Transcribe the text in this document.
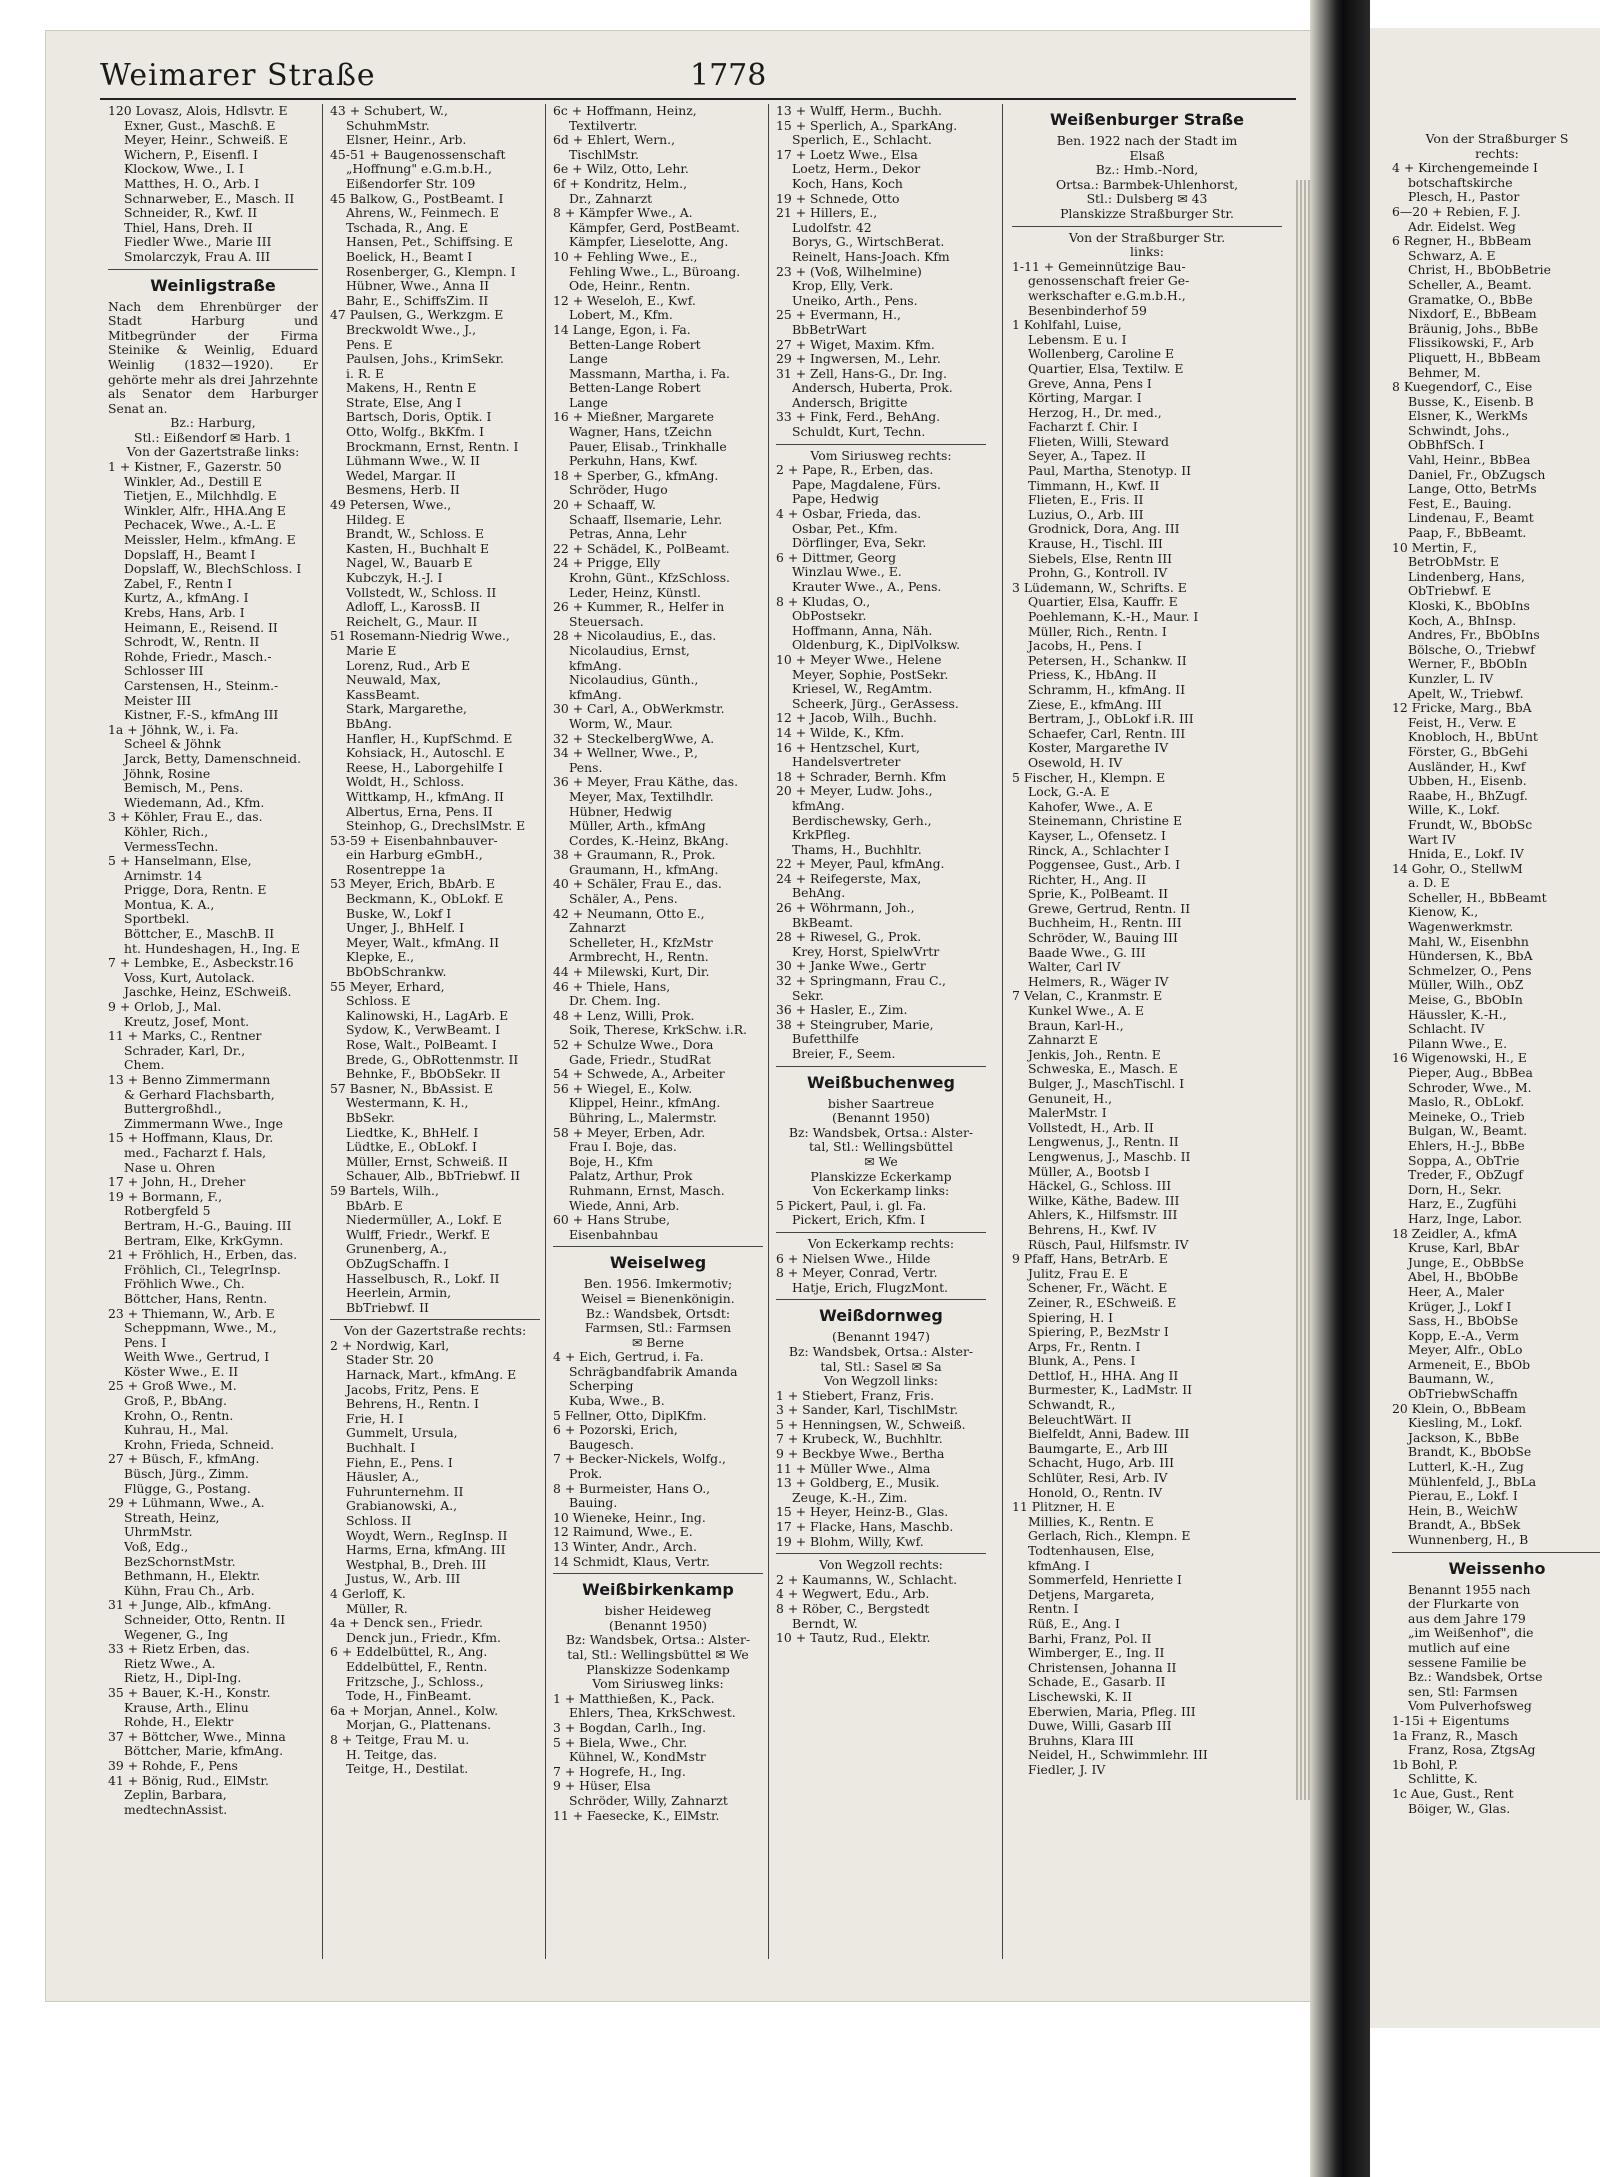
Von der Straßburger S
rechts:
4 + Kirchengemeinde I
botschaftskirche
Plesch, H., Pastor
6—20 + Rebien, F. J.
Adr. Eidelst. Weg
6 Regner, H., BbBeam
Schwarz, A. E
Christ, H., BbObBetrie
Scheller, A., Beamt.
Gramatke, O., BbBe
Nixdorf, E., BbBeam
Bräunig, Johs., BbBe
Flissikowski, F., Arb
Pliquett, H., BbBeam
Behmer, M.
8 Kuegendorf, C., Eise
Busse, K., Eisenb. B
Elsner, K., WerkMs
Schwindt, Johs.,
ObBhfSch. I
Vahl, Heinr., BbBea
Daniel, Fr., ObZugsch
Lange, Otto, BetrMs
Fest, E., Bauing.
Lindenau, F., Beamt
Paap, F., BbBeamt.
10 Mertin, F.,
BetrObMstr. E
Lindenberg, Hans,
ObTriebwf. E
Kloski, K., BbObIns
Koch, A., BhInsp.
Andres, Fr., BbObIns
Bölsche, O., Triebwf
Werner, F., BbObIn
Kunzler, L. IV
Apelt, W., Triebwf.
12 Fricke, Marg., BbA
Feist, H., Verw. E
Knobloch, H., BbUnt
Förster, G., BbGehi
Ausländer, H., Kwf
Ubben, H., Eisenb.
Raabe, H., BhZugf.
Wille, K., Lokf.
Frundt, W., BbObSc
Wart IV
Hnida, E., Lokf. IV
14 Gohr, O., StellwM
a. D. E
Scheller, H., BbBeamt
Kienow, K.,
Wagenwerkmstr.
Mahl, W., Eisenbhn
Hündersen, K., BbA
Schmelzer, O., Pens
Müller, Wilh., ObZ
Meise, G., BbObIn
Häussler, K.-H.,
Schlacht. IV
Pilann Wwe., E.
16 Wigenowski, H., E
Pieper, Aug., BbBea
Schroder, Wwe., M.
Maslo, R., ObLokf.
Meineke, O., Trieb
Bulgan, W., Beamt.
Ehlers, H.-J., BbBe
Soppa, A., ObTrie
Treder, F., ObZugf
Dorn, H., Sekr.
Harz, E., Zugfühi
Harz, Inge, Labor.
18 Zeidler, A., kfmA
Kruse, Karl, BbAr
Junge, E., ObBbSe
Abel, H., BbObBe
Heer, A., Maler
Krüger, J., Lokf I
Sass, H., BbObSe
Kopp, E.-A., Verm
Meyer, Alfr., ObLo
Armeneit, E., BbOb
Baumann, W.,
ObTriebwSchaffn
20 Klein, O., BbBeam
Kiesling, M., Lokf.
Jackson, K., BbBe
Brandt, K., BbObSe
Lutterl, K.-H., Zug
Mühlenfeld, J., BbLa
Pierau, E., Lokf. I
Hein, B., WeichW
Brandt, A., BbSek
Wunnenberg, H., B
Weissenho
Benannt 1955 nach
der Flurkarte von
aus dem Jahre 179
„im Weißenhof", die
mutlich auf eine
sessene Familie be
Bz.: Wandsbek, Ortse
sen, Stl: Farmsen
Vom Pulverhofsweg
1-15i + Eigentums
1a Franz, R., Masch
Franz, Rosa, ZtgsAg
1b Bohl, P.
Schlitte, K.
1c Aue, Gust., Rent
Böiger, W., Glas.
Weimarer Straße	1778
120 Lovasz, Alois, Hdlsvtr. E
Exner, Gust., Maschß. E
Meyer, Heinr., Schweiß. E
Wichern, P., Eisenfl. I
Klockow, Wwe., I. I
Matthes, H. O., Arb. I
Schnarweber, E., Masch. II
Schneider, R., Kwf. II
Thiel, Hans, Dreh. II
Fiedler Wwe., Marie III
Smolarczyk, Frau A. III
Weinligstraße
Nach dem Ehrenbürger der Stadt Harburg und Mitbegründer der Firma Steinike & Weinlig, Eduard Weinlig (1832—1920). Er gehörte mehr als drei Jahrzehnte als Senator dem Harburger Senat an.
Bz.: Harburg,
Stl.: Eißendorf ✉ Harb. 1
Von der Gazertstraße links:
1 + Kistner, F., Gazerstr. 50
Winkler, Ad., Destill E
Tietjen, E., Milchhdlg. E
Winkler, Alfr., HHA.Ang E
Pechacek, Wwe., A.-L. E
Meissler, Helm., kfmAng. E
Dopslaff, H., Beamt I
Dopslaff, W., BlechSchloss. I
Zabel, F., Rentn I
Kurtz, A., kfmAng. I
Krebs, Hans, Arb. I
Heimann, E., Reisend. II
Schrodt, W., Rentn. II
Rohde, Friedr., Masch.-
Schlosser III
Carstensen, H., Steinm.-
Meister III
Kistner, F.-S., kfmAng III
1a + Jöhnk, W., i. Fa.
Scheel & Jöhnk
Jarck, Betty, Damenschneid.
Jöhnk, Rosine
Bemisch, M., Pens.
Wiedemann, Ad., Kfm.
3 + Köhler, Frau E., das.
Köhler, Rich.,
VermessTechn.
5 + Hanselmann, Else,
Arnimstr. 14
Prigge, Dora, Rentn. E
Montua, K. A.,
Sportbekl.
Böttcher, E., MaschB. II
ht. Hundeshagen, H., Ing. E
7 + Lembke, E., Asbeckstr.16
Voss, Kurt, Autolack.
Jaschke, Heinz, ESchweiß.
9 + Orlob, J., Mal.
Kreutz, Josef, Mont.
11 + Marks, C., Rentner
Schrader, Karl, Dr.,
Chem.
13 + Benno Zimmermann
& Gerhard Flachsbarth,
Buttergroßhdl.,
Zimmermann Wwe., Inge
15 + Hoffmann, Klaus, Dr.
med., Facharzt f. Hals,
Nase u. Ohren
17 + John, H., Dreher
19 + Bormann, F.,
Rotbergfeld 5
Bertram, H.-G., Bauing. III
Bertram, Elke, KrkGymn.
21 + Fröhlich, H., Erben, das.
Fröhlich, Cl., TelegrInsp.
Fröhlich Wwe., Ch.
Böttcher, Hans, Rentn.
23 + Thiemann, W., Arb. E
Scheppmann, Wwe., M.,
Pens. I
Weith Wwe., Gertrud, I
Köster Wwe., E. II
25 + Groß Wwe., M.
Groß, P., BbAng.
Krohn, O., Rentn.
Kuhrau, H., Mal.
Krohn, Frieda, Schneid.
27 + Büsch, F., kfmAng.
Büsch, Jürg., Zimm.
Flügge, G., Postang.
29 + Lühmann, Wwe., A.
Streath, Heinz,
UhrmMstr.
Voß, Edg.,
BezSchornstMstr.
Bethmann, H., Elektr.
Kühn, Frau Ch., Arb.
31 + Junge, Alb., kfmAng.
Schneider, Otto, Rentn. II
Wegener, G., Ing
33 + Rietz Erben, das.
Rietz Wwe., A.
Rietz, H., Dipl-Ing.
35 + Bauer, K.-H., Konstr.
Krause, Arth., Elinu
Rohde, H., Elektr
37 + Böttcher, Wwe., Minna
Böttcher, Marie, kfmAng.
39 + Rohde, F., Pens
41 + Bönig, Rud., ElMstr.
Zeplin, Barbara,
medtechnAssist.
43 + Schubert, W.,
SchuhmMstr.
Elsner, Heinr., Arb.
45-51 + Baugenossenschaft
„Hoffnung" e.G.m.b.H.,
Eißendorfer Str. 109
45 Balkow, G., PostBeamt. I
Ahrens, W., Feinmech. E
Tschada, R., Ang. E
Hansen, Pet., Schiffsing. E
Boelick, H., Beamt I
Rosenberger, G., Klempn. I
Hübner, Wwe., Anna II
Bahr, E., SchiffsZim. II
47 Paulsen, G., Werkzgm. E
Breckwoldt Wwe., J.,
Pens. E
Paulsen, Johs., KrimSekr.
i. R. E
Makens, H., Rentn E
Strate, Else, Ang I
Bartsch, Doris, Optik. I
Otto, Wolfg., BkKfm. I
Brockmann, Ernst, Rentn. I
Lühmann Wwe., W. II
Wedel, Margar. II
Besmens, Herb. II
49 Petersen, Wwe.,
Hildeg. E
Brandt, W., Schloss. E
Kasten, H., Buchhalt E
Nagel, W., Bauarb E
Kubczyk, H.-J. I
Vollstedt, W., Schloss. II
Adloff, L., KarossB. II
Reichelt, G., Maur. II
51 Rosemann-Niedrig Wwe.,
Marie E
Lorenz, Rud., Arb E
Neuwald, Max,
KassBeamt.
Stark, Margarethe,
BbAng.
Hanfler, H., KupfSchmd. E
Kohsiack, H., Autoschl. E
Reese, H., Laborgehilfe I
Woldt, H., Schloss.
Wittkamp, H., kfmAng. II
Albertus, Erna, Pens. II
Steinhop, G., DrechslMstr. E
53-59 + Eisenbahnbauver-
ein Harburg eGmbH.,
Rosentreppe 1a
53 Meyer, Erich, BbArb. E
Beckmann, K., ObLokf. E
Buske, W., Lokf I
Unger, J., BhHelf. I
Meyer, Walt., kfmAng. II
Klepke, E.,
BbObSchrankw.
55 Meyer, Erhard,
Schloss. E
Kalinowski, H., LagArb. E
Sydow, K., VerwBeamt. I
Rose, Walt., PolBeamt. I
Brede, G., ObRottenmstr. II
Behnke, F., BbObSekr. II
57 Basner, N., BbAssist. E
Westermann, K. H.,
BbSekr.
Liedtke, K., BhHelf. I
Lüdtke, E., ObLokf. I
Müller, Ernst, Schweiß. II
Schauer, Alb., BbTriebwf. II
59 Bartels, Wilh.,
BbArb. E
Niedermüller, A., Lokf. E
Wulff, Friedr., Werkf. E
Grunenberg, A.,
ObZugSchaffn. I
Hasselbusch, R., Lokf. II
Heerlein, Armin,
BbTriebwf. II
Von der Gazertstraße rechts:
2 + Nordwig, Karl,
Stader Str. 20
Harnack, Mart., kfmAng. E
Jacobs, Fritz, Pens. E
Behrens, H., Rentn. I
Frie, H. I
Gummelt, Ursula,
Buchhalt. I
Fiehn, E., Pens. I
Häusler, A.,
Fuhrunternehm. II
Grabianowski, A.,
Schloss. II
Woydt, Wern., RegInsp. II
Harms, Erna, kfmAng. III
Westphal, B., Dreh. III
Justus, W., Arb. III
4 Gerloff, K.
Müller, R.
4a + Denck sen., Friedr.
Denck jun., Friedr., Kfm.
6 + Eddelbüttel, R., Ang.
Eddelbüttel, F., Rentn.
Fritzsche, J., Schloss.,
Tode, H., FinBeamt.
6a + Morjan, Annel., Kolw.
Morjan, G., Plattenans.
8 + Teitge, Frau M. u.
H. Teitge, das.
Teitge, H., Destilat.
6c + Hoffmann, Heinz,
Textilvertr.
6d + Ehlert, Wern.,
TischlMstr.
6e + Wilz, Otto, Lehr.
6f + Kondritz, Helm.,
Dr., Zahnarzt
8 + Kämpfer Wwe., A.
Kämpfer, Gerd, PostBeamt.
Kämpfer, Lieselotte, Ang.
10 + Fehling Wwe., E.,
Fehling Wwe., L., Büroang.
Ode, Heinr., Rentn.
12 + Weseloh, E., Kwf.
Lobert, M., Kfm.
14 Lange, Egon, i. Fa.
Betten-Lange Robert
Lange
Massmann, Martha, i. Fa.
Betten-Lange Robert
Lange
16 + Mießner, Margarete
Wagner, Hans, tZeichn
Pauer, Elisab., Trinkhalle
Perkuhn, Hans, Kwf.
18 + Sperber, G., kfmAng.
Schröder, Hugo
20 + Schaaff, W.
Schaaff, Ilsemarie, Lehr.
Petras, Anna, Lehr
22 + Schädel, K., PolBeamt.
24 + Prigge, Elly
Krohn, Günt., KfzSchloss.
Leder, Heinz, Künstl.
26 + Kummer, R., Helfer in
Steuersach.
28 + Nicolaudius, E., das.
Nicolaudius, Ernst,
kfmAng.
Nicolaudius, Günth.,
kfmAng.
30 + Carl, A., ObWerkmstr.
Worm, W., Maur.
32 + SteckelbergWwe, A.
34 + Wellner, Wwe., P.,
Pens.
36 + Meyer, Frau Käthe, das.
Meyer, Max, Textilhdlr.
Hübner, Hedwig
Müller, Arth., kfmAng
Cordes, K.-Heinz, BkAng.
38 + Graumann, R., Prok.
Graumann, H., kfmAng.
40 + Schäler, Frau E., das.
Schäler, A., Pens.
42 + Neumann, Otto E.,
Zahnarzt
Schelleter, H., KfzMstr
Armbrecht, H., Rentn.
44 + Milewski, Kurt, Dir.
46 + Thiele, Hans,
Dr. Chem. Ing.
48 + Lenz, Willi, Prok.
Soik, Therese, KrkSchw. i.R.
52 + Schulze Wwe., Dora
Gade, Friedr., StudRat
54 + Schwede, A., Arbeiter
56 + Wiegel, E., Kolw.
Klippel, Heinr., kfmAng.
Bühring, L., Malermstr.
58 + Meyer, Erben, Adr.
Frau I. Boje, das.
Boje, H., Kfm
Palatz, Arthur, Prok
Ruhmann, Ernst, Masch.
Wiede, Anni, Arb.
60 + Hans Strube,
Eisenbahnbau
Weiselweg
Ben. 1956. Imkermotiv;
Weisel = Bienenkönigin.
Bz.: Wandsbek, Ortsdt:
Farmsen, Stl.: Farmsen
✉ Berne
4 + Eich, Gertrud, i. Fa.
Schrägbandfabrik Amanda
Scherping
Kuba, Wwe., B.
5 Fellner, Otto, DiplKfm.
6 + Pozorski, Erich,
Baugesch.
7 + Becker-Nickels, Wolfg.,
Prok.
8 + Burmeister, Hans O.,
Bauing.
10 Wieneke, Heinr., Ing.
12 Raimund, Wwe., E.
13 Winter, Andr., Arch.
14 Schmidt, Klaus, Vertr.
Weißbirkenkamp
bisher Heideweg
(Benannt 1950)
Bz: Wandsbek, Ortsa.: Alster-
tal, Stl.: Wellingsbüttel ✉ We
Planskizze Sodenkamp
Vom Siriusweg links:
1 + Matthießen, K., Pack.
Ehlers, Thea, KrkSchwest.
3 + Bogdan, Carlh., Ing.
5 + Biela, Wwe., Chr.
Kühnel, W., KondMstr
7 + Hogrefe, H., Ing.
9 + Hüser, Elsa
Schröder, Willy, Zahnarzt
11 + Faesecke, K., ElMstr.
13 + Wulff, Herm., Buchh.
15 + Sperlich, A., SparkAng.
Sperlich, E., Schlacht.
17 + Loetz Wwe., Elsa
Loetz, Herm., Dekor
Koch, Hans, Koch
19 + Schnede, Otto
21 + Hillers, E.,
Ludolfstr. 42
Borys, G., WirtschBerat.
Reinelt, Hans-Joach. Kfm
23 + (Voß, Wilhelmine)
Krop, Elly, Verk.
Uneiko, Arth., Pens.
25 + Evermann, H.,
BbBetrWart
27 + Wiget, Maxim. Kfm.
29 + Ingwersen, M., Lehr.
31 + Zell, Hans-G., Dr. Ing.
Andersch, Huberta, Prok.
Andersch, Brigitte
33 + Fink, Ferd., BehAng.
Schuldt, Kurt, Techn.
Vom Siriusweg rechts:
2 + Pape, R., Erben, das.
Pape, Magdalene, Fürs.
Pape, Hedwig
4 + Osbar, Frieda, das.
Osbar, Pet., Kfm.
Dörflinger, Eva, Sekr.
6 + Dittmer, Georg
Winzlau Wwe., E.
Krauter Wwe., A., Pens.
8 + Kludas, O.,
ObPostsekr.
Hoffmann, Anna, Näh.
Oldenburg, K., DiplVolksw.
10 + Meyer Wwe., Helene
Meyer, Sophie, PostSekr.
Kriesel, W., RegAmtm.
Scheerk, Jürg., GerAssess.
12 + Jacob, Wilh., Buchh.
14 + Wilde, K., Kfm.
16 + Hentzschel, Kurt,
Handelsvertreter
18 + Schrader, Bernh. Kfm
20 + Meyer, Ludw. Johs.,
kfmAng.
Berdischewsky, Gerh.,
KrkPfleg.
Thams, H., Buchhltr.
22 + Meyer, Paul, kfmAng.
24 + Reifegerste, Max,
BehAng.
26 + Wöhrmann, Joh.,
BkBeamt.
28 + Riwesel, G., Prok.
Krey, Horst, SpielwVrtr
30 + Janke Wwe., Gertr
32 + Springmann, Frau C.,
Sekr.
36 + Hasler, E., Zim.
38 + Steingruber, Marie,
Bufetthilfe
Breier, F., Seem.
Weißbuchenweg
bisher Saartreue
(Benannt 1950)
Bz: Wandsbek, Ortsa.: Alster-
tal, Stl.: Wellingsbüttel
✉ We
Planskizze Eckerkamp
Von Eckerkamp links:
5 Pickert, Paul, i. gl. Fa.
Pickert, Erich, Kfm. I
Von Eckerkamp rechts:
6 + Nielsen Wwe., Hilde
8 + Meyer, Conrad, Vertr.
Hatje, Erich, FlugzMont.
Weißdornweg
(Benannt 1947)
Bz: Wandsbek, Ortsa.: Alster-
tal, Stl.: Sasel ✉ Sa
Von Wegzoll links:
1 + Stiebert, Franz, Fris.
3 + Sander, Karl, TischlMstr.
5 + Henningsen, W., Schweiß.
7 + Krubeck, W., Buchhltr.
9 + Beckbye Wwe., Bertha
11 + Müller Wwe., Alma
13 + Goldberg, E., Musik.
Zeuge, K.-H., Zim.
15 + Heyer, Heinz-B., Glas.
17 + Flacke, Hans, Maschb.
19 + Blohm, Willy, Kwf.
Von Wegzoll rechts:
2 + Kaumanns, W., Schlacht.
4 + Wegwert, Edu., Arb.
8 + Röber, C., Bergstedt
Berndt, W.
10 + Tautz, Rud., Elektr.
Weißenburger Straße
Ben. 1922 nach der Stadt im
Elsaß
Bz.: Hmb.-Nord,
Ortsa.: Barmbek-Uhlenhorst,
Stl.: Dulsberg ✉ 43
Planskizze Straßburger Str.
Von der Straßburger Str.
links:
1-11 + Gemeinnützige Bau-
genossenschaft freier Ge-
werkschafter e.G.m.b.H.,
Besenbinderhof 59
1 Kohlfahl, Luise,
Lebensm. E u. I
Wollenberg, Caroline E
Quartier, Elsa, Textilw. E
Greve, Anna, Pens I
Körting, Margar. I
Herzog, H., Dr. med.,
Facharzt f. Chir. I
Flieten, Willi, Steward
Seyer, A., Tapez. II
Paul, Martha, Stenotyp. II
Timmann, H., Kwf. II
Flieten, E., Fris. II
Luzius, O., Arb. III
Grodnick, Dora, Ang. III
Krause, H., Tischl. III
Siebels, Else, Rentn III
Prohn, G., Kontroll. IV
3 Lüdemann, W., Schrifts. E
Quartier, Elsa, Kauffr. E
Poehlemann, K.-H., Maur. I
Müller, Rich., Rentn. I
Jacobs, H., Pens. I
Petersen, H., Schankw. II
Priess, K., HbAng. II
Schramm, H., kfmAng. II
Ziese, E., kfmAng. III
Bertram, J., ObLokf i.R. III
Schaefer, Carl, Rentn. III
Koster, Margarethe IV
Osewold, H. IV
5 Fischer, H., Klempn. E
Lock, G.-A. E
Kahofer, Wwe., A. E
Steinemann, Christine E
Kayser, L., Ofensetz. I
Rinck, A., Schlachter I
Poggensee, Gust., Arb. I
Richter, H., Ang. II
Sprie, K., PolBeamt. II
Grewe, Gertrud, Rentn. II
Buchheim, H., Rentn. III
Schröder, W., Bauing III
Baade Wwe., G. III
Walter, Carl IV
Helmers, R., Wäger IV
7 Velan, C., Kranmstr. E
Kunkel Wwe., A. E
Braun, Karl-H.,
Zahnarzt E
Jenkis, Joh., Rentn. E
Schweska, E., Masch. E
Bulger, J., MaschTischl. I
Genuneit, H.,
MalerMstr. I
Vollstedt, H., Arb. II
Lengwenus, J., Rentn. II
Lengwenus, J., Maschb. II
Müller, A., Bootsb I
Häckel, G., Schloss. III
Wilke, Käthe, Badew. III
Ahlers, K., Hilfsmstr. III
Behrens, H., Kwf. IV
Rüsch, Paul, Hilfsmstr. IV
9 Pfaff, Hans, BetrArb. E
Julitz, Frau E. E
Schener, Fr., Wächt. E
Zeiner, R., ESchweiß. E
Spiering, H. I
Spiering, P., BezMstr I
Arps, Fr., Rentn. I
Blunk, A., Pens. I
Dettlof, H., HHA. Ang II
Burmester, K., LadMstr. II
Schwandt, R.,
BeleuchtWärt. II
Bielfeldt, Anni, Badew. III
Baumgarte, E., Arb III
Schacht, Hugo, Arb. III
Schlüter, Resi, Arb. IV
Honold, O., Rentn. IV
11 Plitzner, H. E
Millies, K., Rentn. E
Gerlach, Rich., Klempn. E
Todtenhausen, Else,
kfmAng. I
Sommerfeld, Henriette I
Detjens, Margareta,
Rentn. I
Rüß, E., Ang. I
Barhi, Franz, Pol. II
Wimberger, E., Ing. II
Christensen, Johanna II
Schade, E., Gasarb. II
Lischewski, K. II
Eberwien, Maria, Pfleg. III
Duwe, Willi, Gasarb III
Bruhns, Klara III
Neidel, H., Schwimmlehr. III
Fiedler, J. IV
